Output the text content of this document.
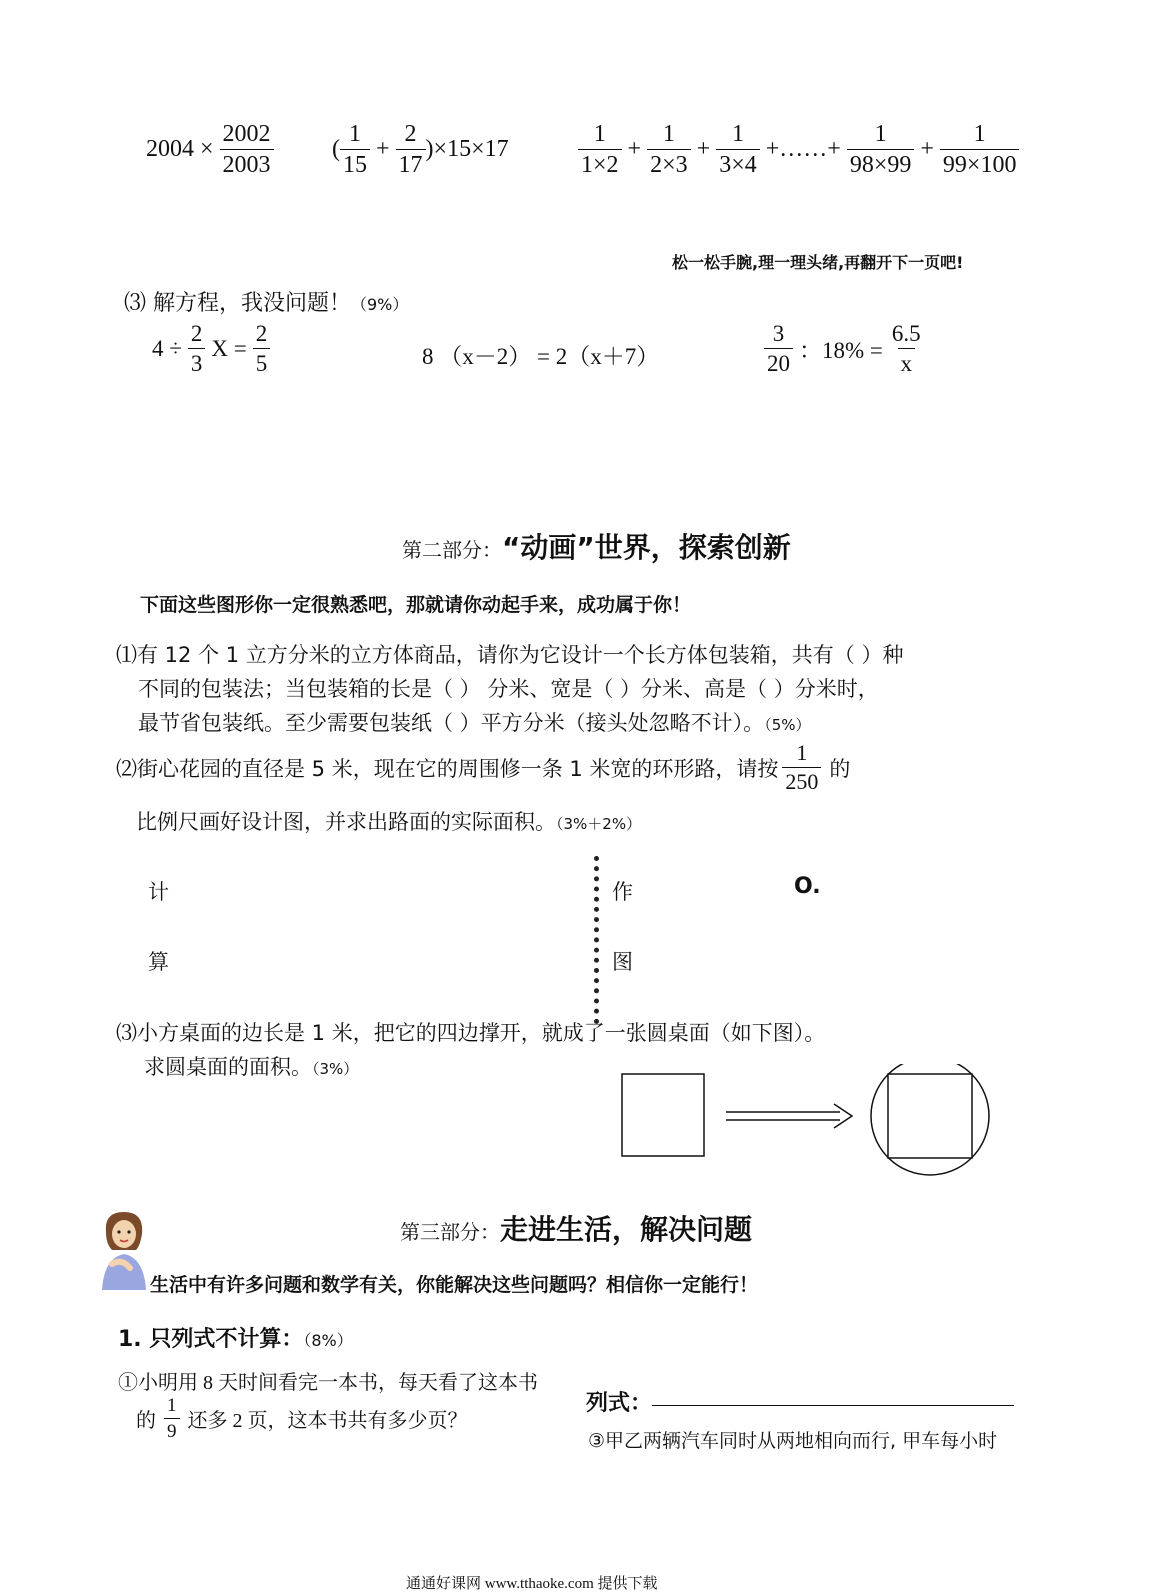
$2004 \times \frac{2002}{2003}$ ( $\frac{1}{15} + \frac{2}{17} )\times 15\times 17$	$\frac{1}{1\times 2} + \frac{1}{2\times 3} + \frac{1}{3\times 4}$ +……+ $\frac{1}{98\times 99} + \frac{1}{99\times 100}$
松一松手腕,理一理头绪,再翻开下一页吧!
⑶ 解方程，我没问题！（9%）
$4 \div \frac{2}{3}$ $X = \frac{2}{5}$	8 （x－2） = 2（x＋7）	$\frac{3}{20}$ ：$18\% = \frac{6.5}{x}$
第二部分：“动画”世界，探索创新
下面这些图形你一定很熟悉吧，那就请你动起手来，成功属于你！
⑴有 12 个 1 立方分米的立方体商品，请你为它设计一个长方体包装箱，共有（ ）种
不同的包装法；当包装箱的长是（ ） 分米、宽是（ ）分米、高是（ ）分米时，
最节省包装纸。至少需要包装纸（ ）平方分米（接头处忽略不计）。（5%）
⑵街心花园的直径是 5 米，现在它的周围修一条 1 米宽的环形路，请按 $\frac{1}{250}$ 的
比例尺画好设计图，并求出路面的实际面积。（3%＋2%）
计
算
作
图
O.
⑶小方桌面的边长是 1 米，把它的四边撑开，就成了一张圆桌面（如下图）。
求圆桌面的面积。（3%）
第三部分：走进生活，解决问题
生活中有许多问题和数学有关，你能解决这些问题吗？相信你一定能行！
1. 只列式不计算：（8%）
①小明用 8 天时间看完一本书，每天看了这本书
的 $\frac{1}{9}$ 还多 2 页，这本书共有多少页？
列式：
③甲乙两辆汽车同时从两地相向而行, 甲车每小时
通通好课网 www.tthaoke.com 提供下载
